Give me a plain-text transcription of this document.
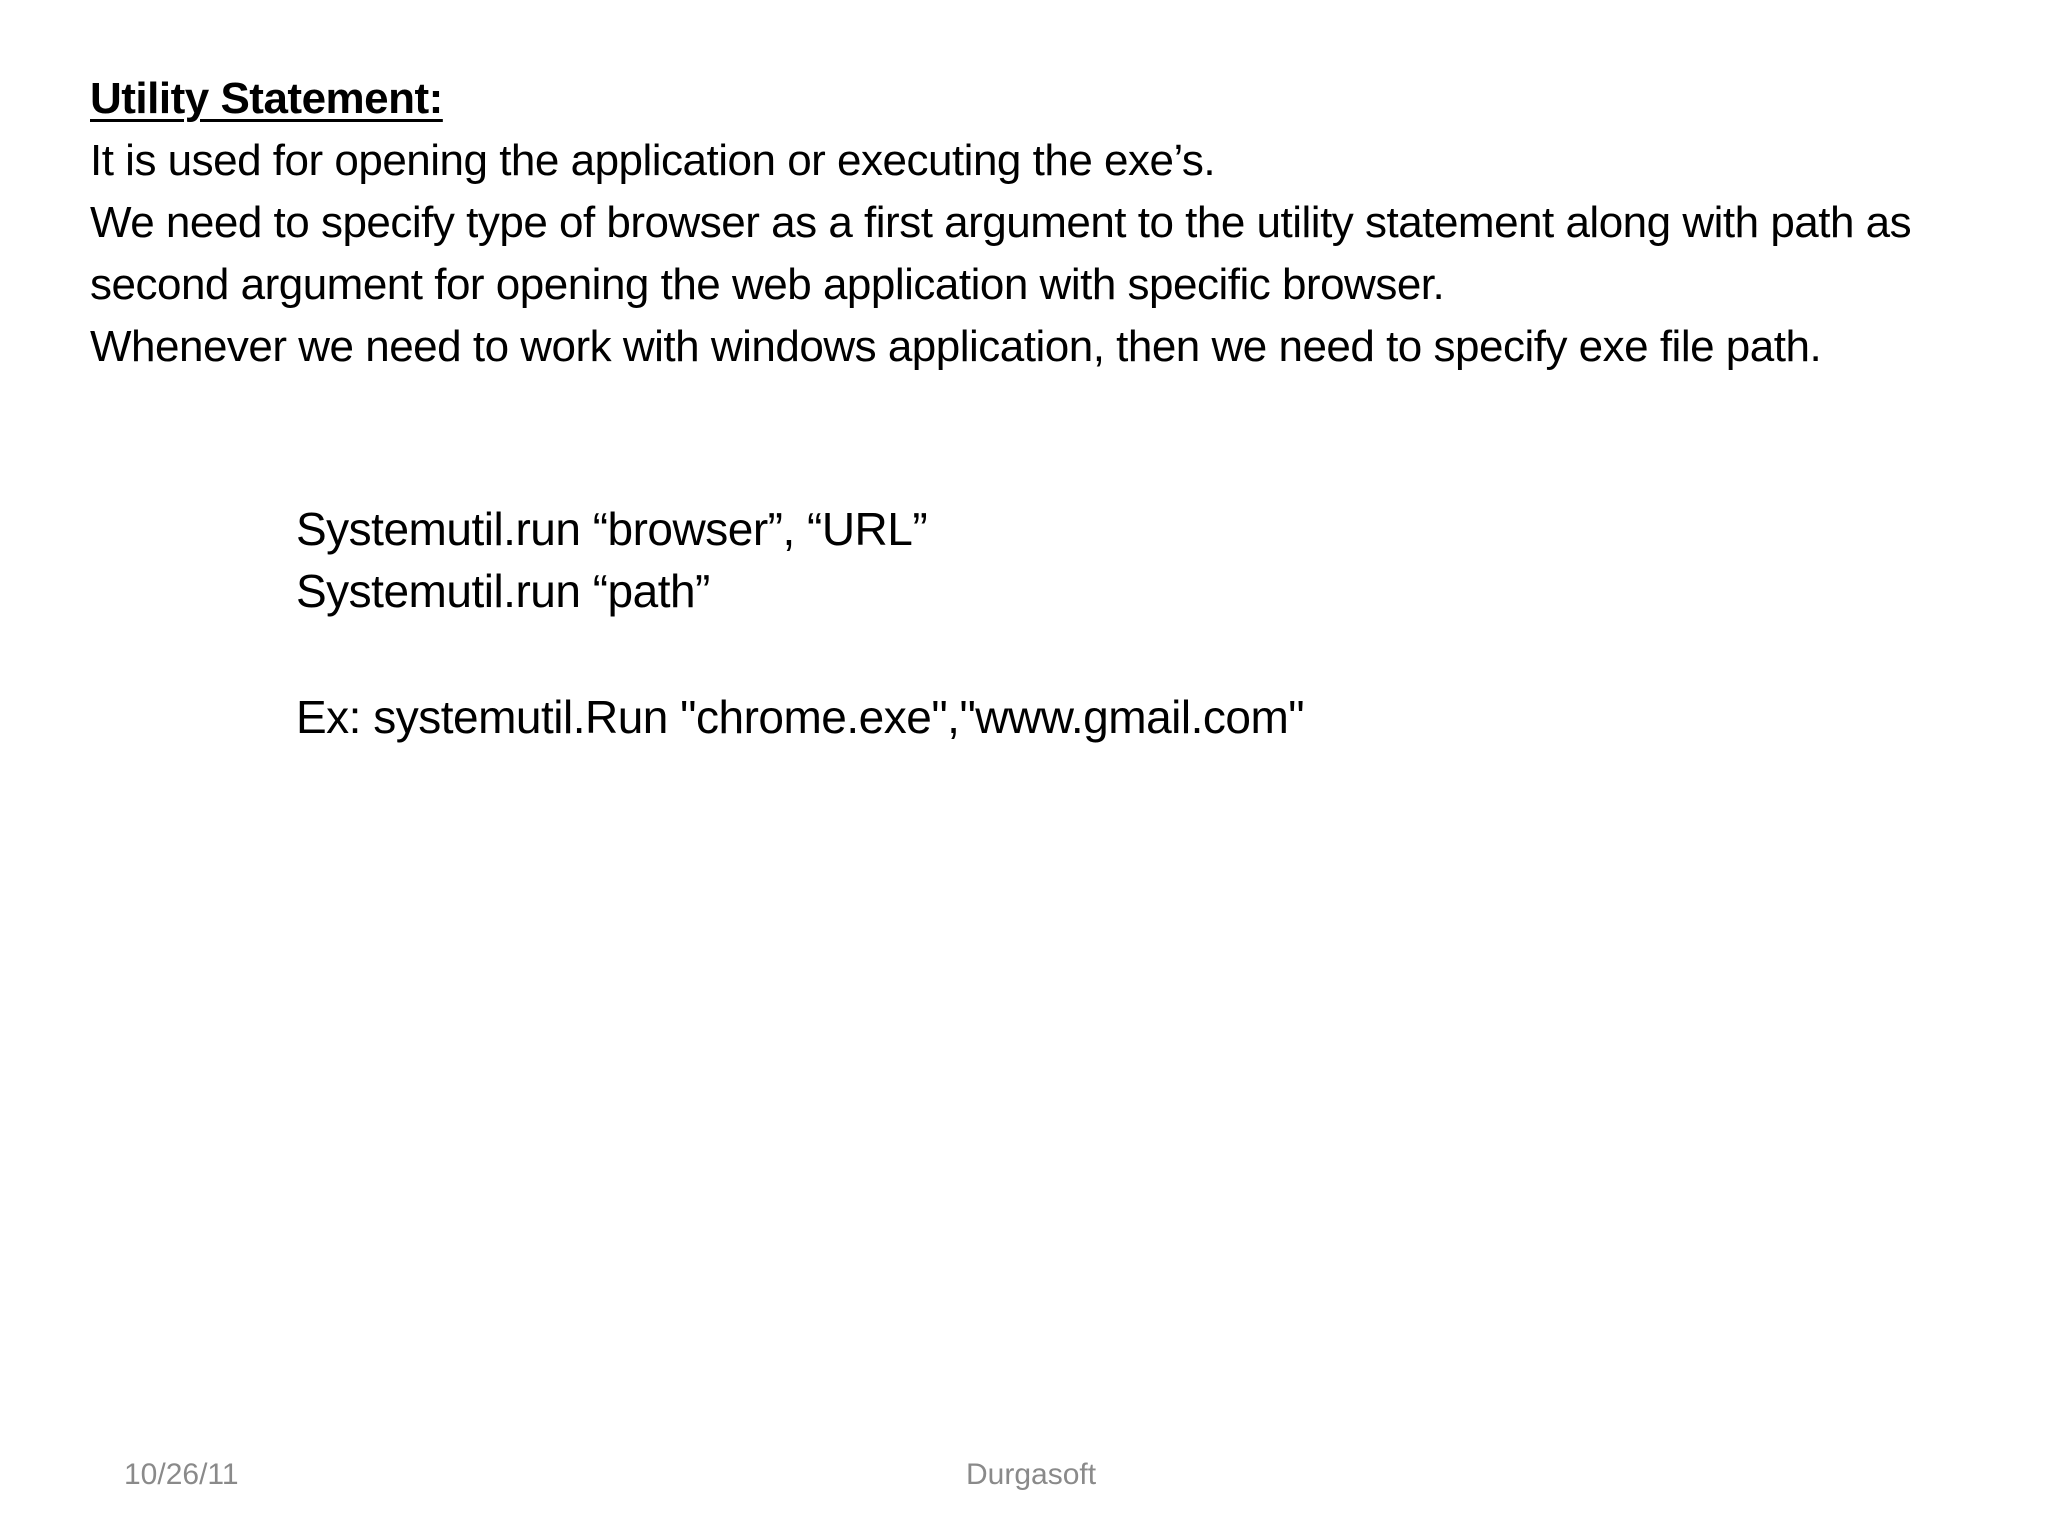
Utility Statement:

It is used for opening the application or executing the exe’s.

We need to specify type of browser as a first argument to the utility statement along with path as second argument for opening the web application with specific browser.

Whenever we need to work with windows application, then we need to specify exe file path.

Systemutil.run “browser”, “URL”

Systemutil.run “path”

Ex: systemutil.Run "chrome.exe","www.gmail.com"

10/26/11	Durgasoft
